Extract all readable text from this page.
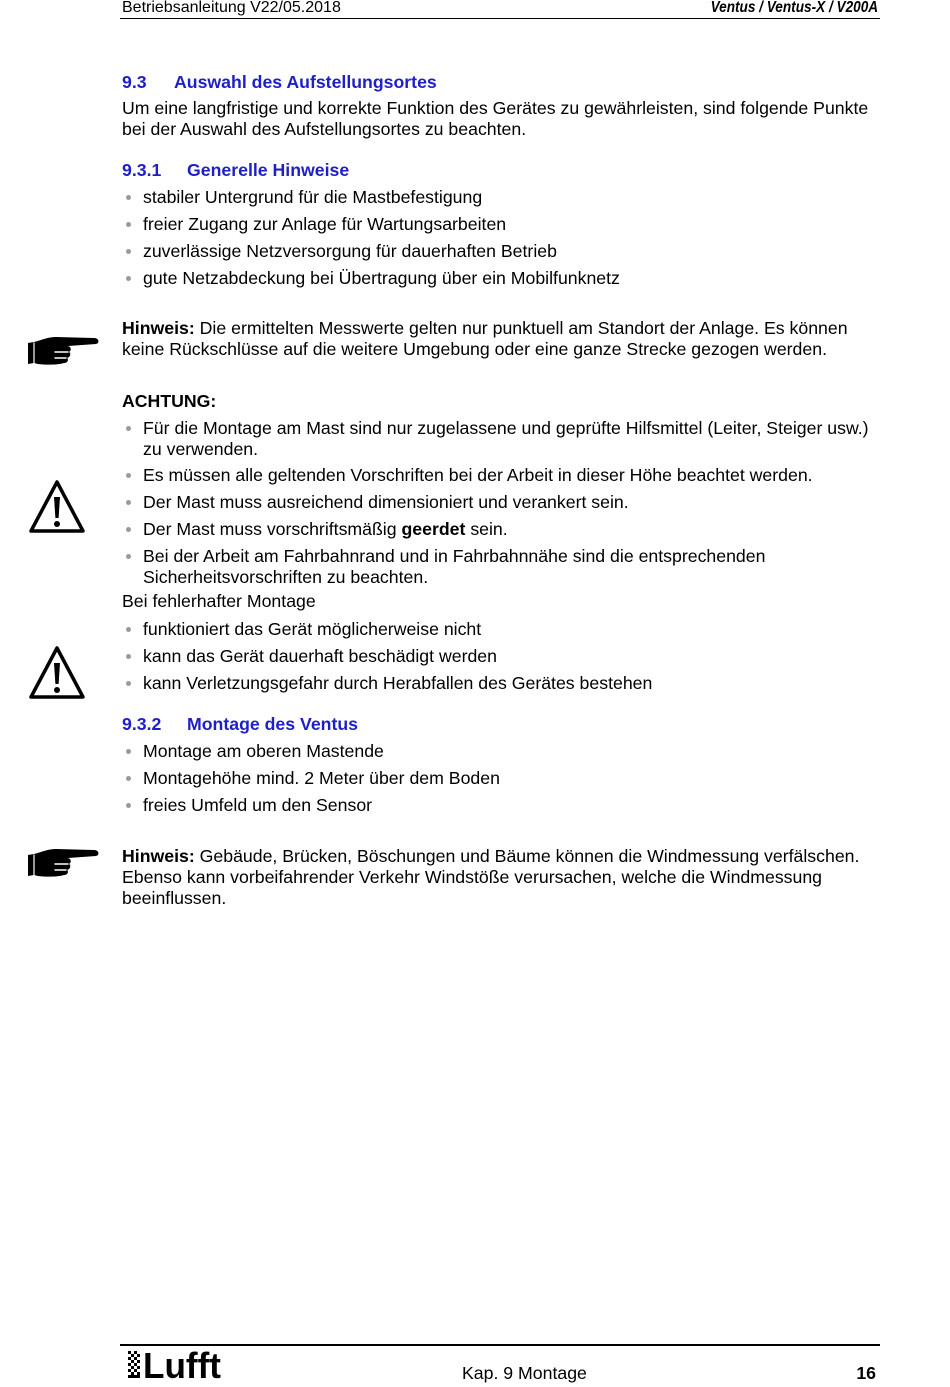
Betriebsanleitung V22/05.2018	Ventus / Ventus-X / V200A
9.3 Auswahl des Aufstellungsortes
Um eine langfristige und korrekte Funktion des Gerätes zu gewährleisten, sind folgende Punkte bei der Auswahl des Aufstellungsortes zu beachten.
9.3.1 Generelle Hinweise
stabiler Untergrund für die Mastbefestigung
freier Zugang zur Anlage für Wartungsarbeiten
zuverlässige Netzversorgung für dauerhaften Betrieb
gute Netzabdeckung bei Übertragung über ein Mobilfunknetz
Hinweis: Die ermittelten Messwerte gelten nur punktuell am Standort der Anlage. Es können keine Rückschlüsse auf die weitere Umgebung oder eine ganze Strecke gezogen werden.
ACHTUNG:
Für die Montage am Mast sind nur zugelassene und geprüfte Hilfsmittel (Leiter, Steiger usw.) zu verwenden.
Es müssen alle geltenden Vorschriften bei der Arbeit in dieser Höhe beachtet werden.
Der Mast muss ausreichend dimensioniert und verankert sein.
Der Mast muss vorschriftsmäßig geerdet sein.
Bei der Arbeit am Fahrbahnrand und in Fahrbahnnähe sind die entsprechenden Sicherheitsvorschriften zu beachten.
Bei fehlerhafter Montage
funktioniert das Gerät möglicherweise nicht
kann das Gerät dauerhaft beschädigt werden
kann Verletzungsgefahr durch Herabfallen des Gerätes bestehen
9.3.2 Montage des Ventus
Montage am oberen Mastende
Montagehöhe mind. 2 Meter über dem Boden
freies Umfeld um den Sensor
Hinweis: Gebäude, Brücken, Böschungen und Bäume können die Windmessung verfälschen. Ebenso kann vorbeifahrender Verkehr Windstöße verursachen, welche die Windmessung beeinflussen.
Lufft	Kap. 9 Montage	16
